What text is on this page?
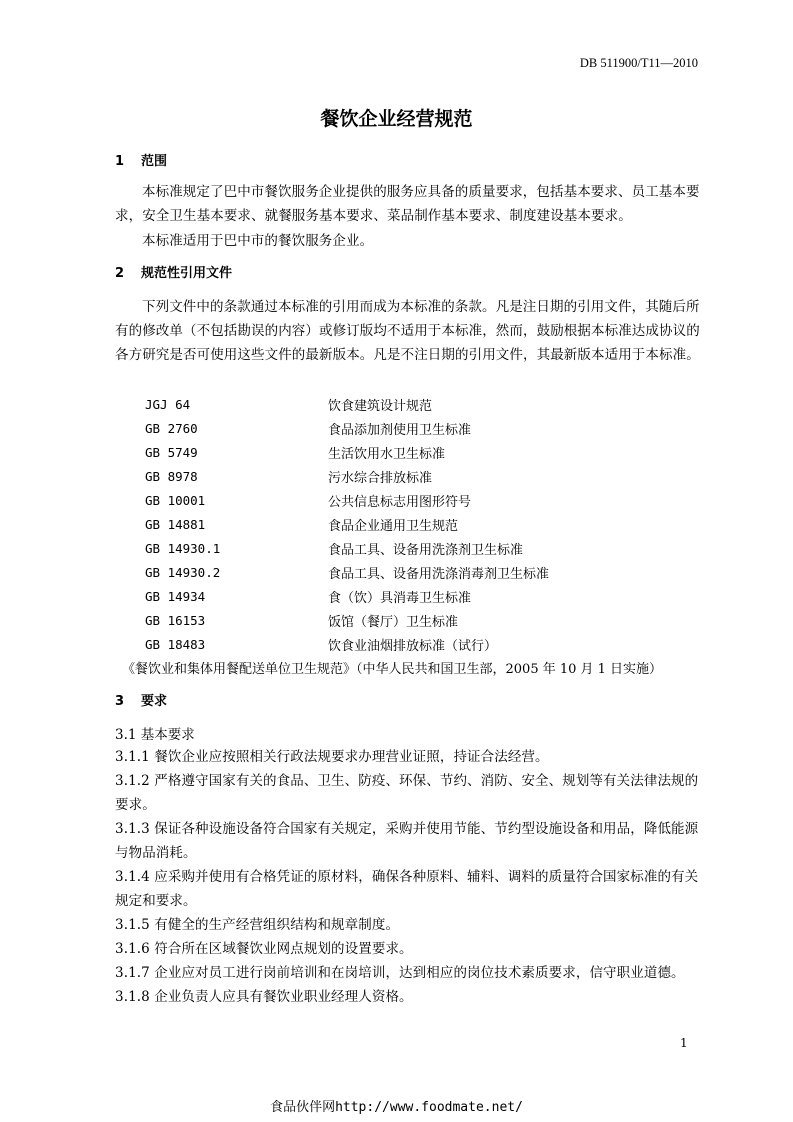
DB 511900/T11—2010
餐饮企业经营规范
1 范围
本标准规定了巴中市餐饮服务企业提供的服务应具备的质量要求，包括基本要求、员工基本要求，安全卫生基本要求、就餐服务基本要求、菜品制作基本要求、制度建设基本要求。
本标准适用于巴中市的餐饮服务企业。
2 规范性引用文件
下列文件中的条款通过本标准的引用而成为本标准的条款。凡是注日期的引用文件，其随后所有的修改单（不包括勘误的内容）或修订版均不适用于本标准，然而，鼓励根据本标准达成协议的各方研究是否可使用这些文件的最新版本。凡是不注日期的引用文件，其最新版本适用于本标准。
JGJ 64	饮食建筑设计规范
GB 2760	食品添加剂使用卫生标准
GB 5749	生活饮用水卫生标准
GB 8978	污水综合排放标准
GB 10001	公共信息标志用图形符号
GB 14881	食品企业通用卫生规范
GB 14930.1	食品工具、设备用洗涤剂卫生标准
GB 14930.2	食品工具、设备用洗涤消毒剂卫生标准
GB 14934	食（饮）具消毒卫生标准
GB 16153	饭馆（餐厅）卫生标准
GB 18483	饮食业油烟排放标准（试行）
《餐饮业和集体用餐配送单位卫生规范》（中华人民共和国卫生部，2005 年 10 月 1 日实施）
3 要求
3.1 基本要求
3.1.1 餐饮企业应按照相关行政法规要求办理营业证照，持证合法经营。
3.1.2 严格遵守国家有关的食品、卫生、防疫、环保、节约、消防、安全、规划等有关法律法规的要求。
3.1.3 保证各种设施设备符合国家有关规定，采购并使用节能、节约型设施设备和用品，降低能源与物品消耗。
3.1.4 应采购并使用有合格凭证的原材料，确保各种原料、辅料、调料的质量符合国家标准的有关规定和要求。
3.1.5 有健全的生产经营组织结构和规章制度。
3.1.6 符合所在区域餐饮业网点规划的设置要求。
3.1.7 企业应对员工进行岗前培训和在岗培训，达到相应的岗位技术素质要求，信守职业道德。
3.1.8 企业负责人应具有餐饮业职业经理人资格。
1
食品伙伴网http://www.foodmate.net/
